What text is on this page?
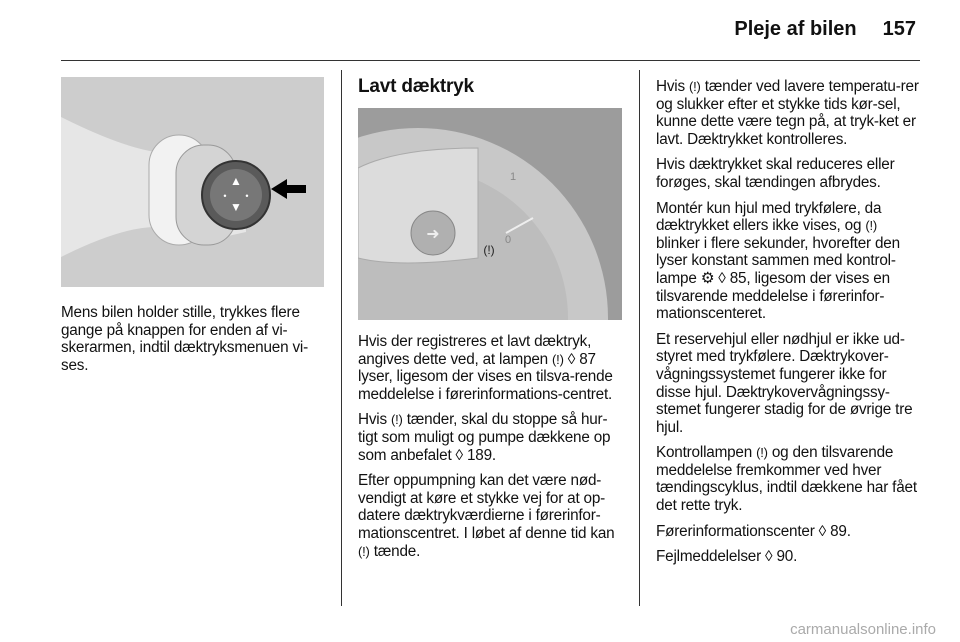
Pleje af bilen 157
▲
▼
• •

Mens bilen holder stille, trykkes flere gange på knappen for enden af vi-skerarmen, indtil dæktryksmenuen vi-ses.

Lavt dæktryk
➜
1
0
(!)

Hvis der registreres et lavt dæktryk, angives dette ved, at lampen (!) ◊ 87 lyser, ligesom der vises en tilsva-rende meddelelse i førerinformations-centret.

Hvis (!) tænder, skal du stoppe så hur-tigt som muligt og pumpe dækkene op som anbefalet ◊ 189.

Efter oppumpning kan det være nød-vendigt at køre et stykke vej for at op-datere dæktrykværdierne i førerinfor-mationscentret. I løbet af denne tid kan (!) tænde.

Hvis (!) tænder ved lavere temperatu-rer og slukker efter et stykke tids kør-sel, kunne dette være tegn på, at tryk-ket er lavt. Dæktrykket kontrolleres.

Hvis dæktrykket skal reduceres eller forøges, skal tændingen afbrydes.

Montér kun hjul med trykfølere, da dæktrykket ellers ikke vises, og (!) blinker i flere sekunder, hvorefter den lyser konstant sammen med kontrol-lampe ⚙ ◊ 85, ligesom der vises en tilsvarende meddelelse i førerinfor-mationscenteret.

Et reservehjul eller nødhjul er ikke ud-styret med trykfølere. Dæktrykover-vågningssystemet fungerer ikke for disse hjul. Dæktrykovervågningssy-stemet fungerer stadig for de øvrige tre hjul.

Kontrollampen (!) og den tilsvarende meddelelse fremkommer ved hver tændingscyklus, indtil dækkene har fået det rette tryk.

Førerinformationscenter ◊ 89.

Fejlmeddelelser ◊ 90.

carmanualsonline.info
